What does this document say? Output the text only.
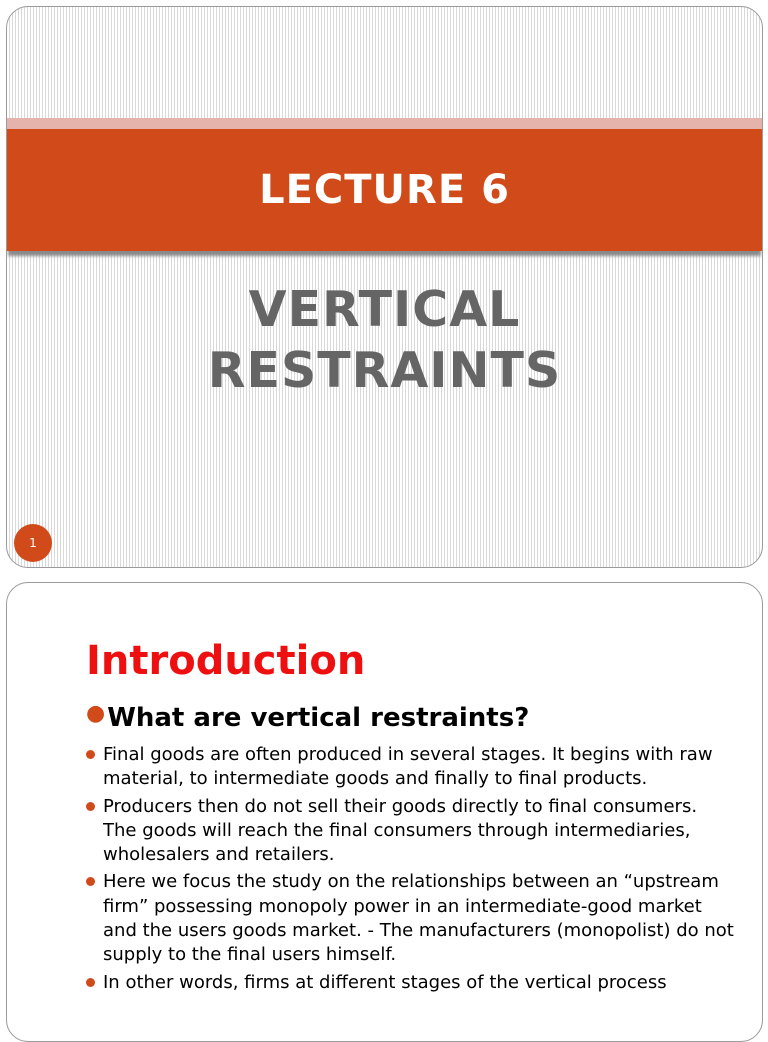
LECTURE 6
VERTICAL
RESTRAINTS
1
Introduction
● What are vertical restraints?
Final goods are often produced in several stages. It begins with raw material, to intermediate goods and finally to final products.
Producers then do not sell their goods directly to final consumers. The goods will reach the final consumers through intermediaries, wholesalers and retailers.
Here we focus the study on the relationships between an “upstream firm” possessing monopoly power in an intermediate-good market and the users goods market. - The manufacturers (monopolist) do not supply to the final users himself.
In other words, firms at different stages of the vertical process
